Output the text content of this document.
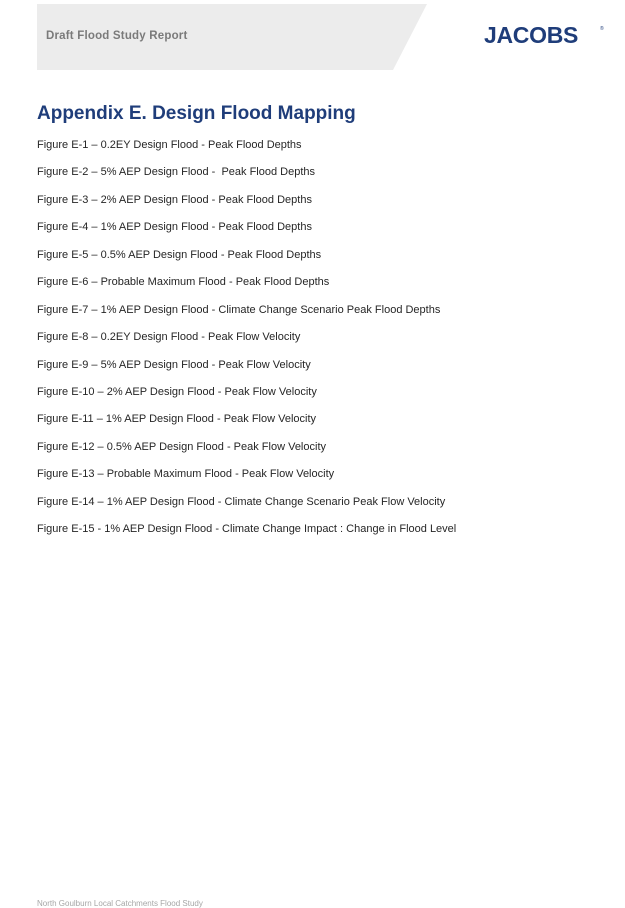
Draft Flood Study Report	JACOBS	®
Appendix E. Design Flood Mapping
Figure E-1 – 0.2EY Design Flood - Peak Flood Depths
Figure E-2 – 5% AEP Design Flood -  Peak Flood Depths
Figure E-3 – 2% AEP Design Flood - Peak Flood Depths
Figure E-4 – 1% AEP Design Flood - Peak Flood Depths
Figure E-5 – 0.5% AEP Design Flood - Peak Flood Depths
Figure E-6 – Probable Maximum Flood - Peak Flood Depths
Figure E-7 – 1% AEP Design Flood - Climate Change Scenario Peak Flood Depths
Figure E-8 – 0.2EY Design Flood - Peak Flow Velocity
Figure E-9 – 5% AEP Design Flood - Peak Flow Velocity
Figure E-10 – 2% AEP Design Flood - Peak Flow Velocity
Figure E-11 – 1% AEP Design Flood - Peak Flow Velocity
Figure E-12 – 0.5% AEP Design Flood - Peak Flow Velocity
Figure E-13 – Probable Maximum Flood - Peak Flow Velocity
Figure E-14 – 1% AEP Design Flood - Climate Change Scenario Peak Flow Velocity
Figure E-15 - 1% AEP Design Flood - Climate Change Impact : Change in Flood Level
North Goulburn Local Catchments Flood Study
